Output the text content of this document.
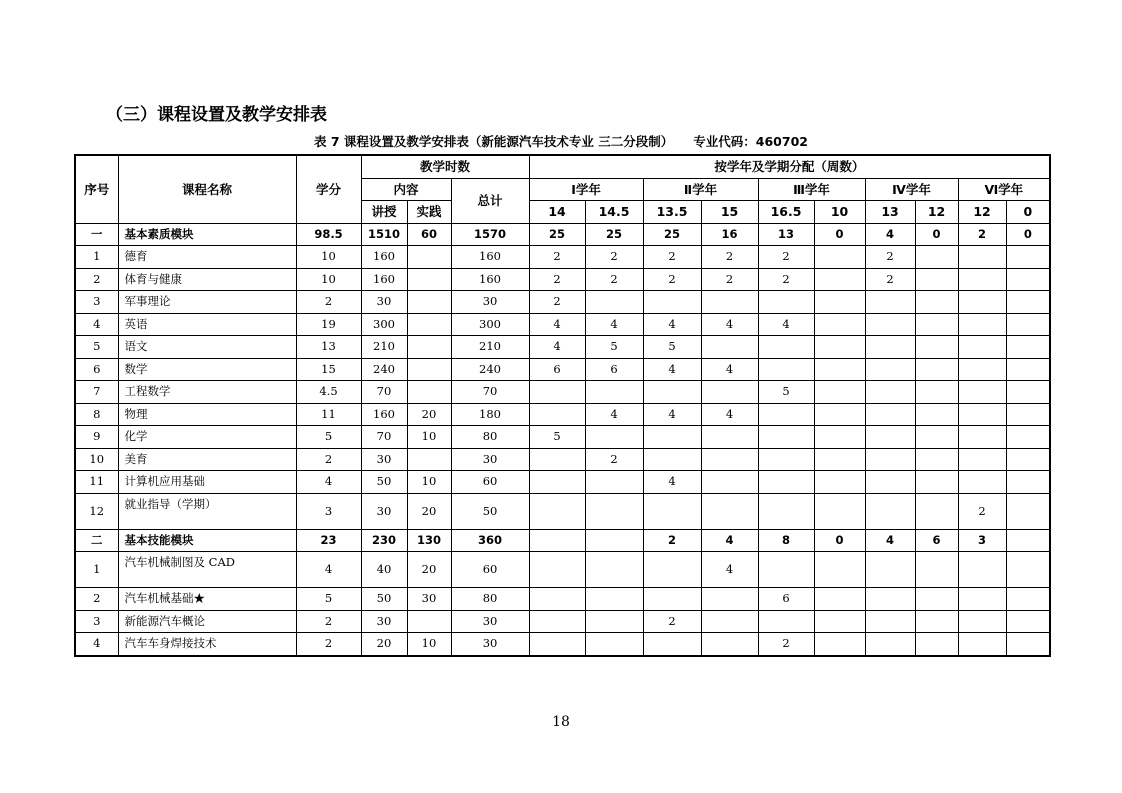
（三）课程设置及教学安排表
表 7 课程设置及教学安排表（新能源汽车技术专业 三二分段制） 专业代码：460702
序号	课程名称	学分	教学时数			按学年及学期分配（周数）									
			内容		总计	Ⅰ学年		Ⅱ学年		Ⅲ学年		Ⅳ学年		Ⅵ学年	
			讲授	实践		14	14.5	13.5	15	16.5	10	13	12	12	0
一	基本素质模块	98.5	1510	60	1570	25	25	25	16	13	0	4	0	2	0
1	德育	10	160		160	2	2	2	2	2		2			
2	体育与健康	10	160		160	2	2	2	2	2		2			
3	军事理论	2	30		30	2									
4	英语	19	300		300	4	4	4	4	4					
5	语文	13	210		210	4	5	5							
6	数学	15	240		240	6	6	4	4						
7	工程数学	4.5	70		70					5					
8	物理	11	160	20	180		4	4	4						
9	化学	5	70	10	80	5									
10	美育	2	30		30		2								
11	计算机应用基础	4	50	10	60			4							
12	就业指导（学期）	3	30	20	50									2	
二	基本技能模块	23	230	130	360			2	4	8	0	4	6	3	
1	汽车机械制图及 CAD	4	40	20	60				4						
2	汽车机械基础★	5	50	30	80					6					
3	新能源汽车概论	2	30		30			2							
4	汽车车身焊接技术	2	20	10	30					2					
18
